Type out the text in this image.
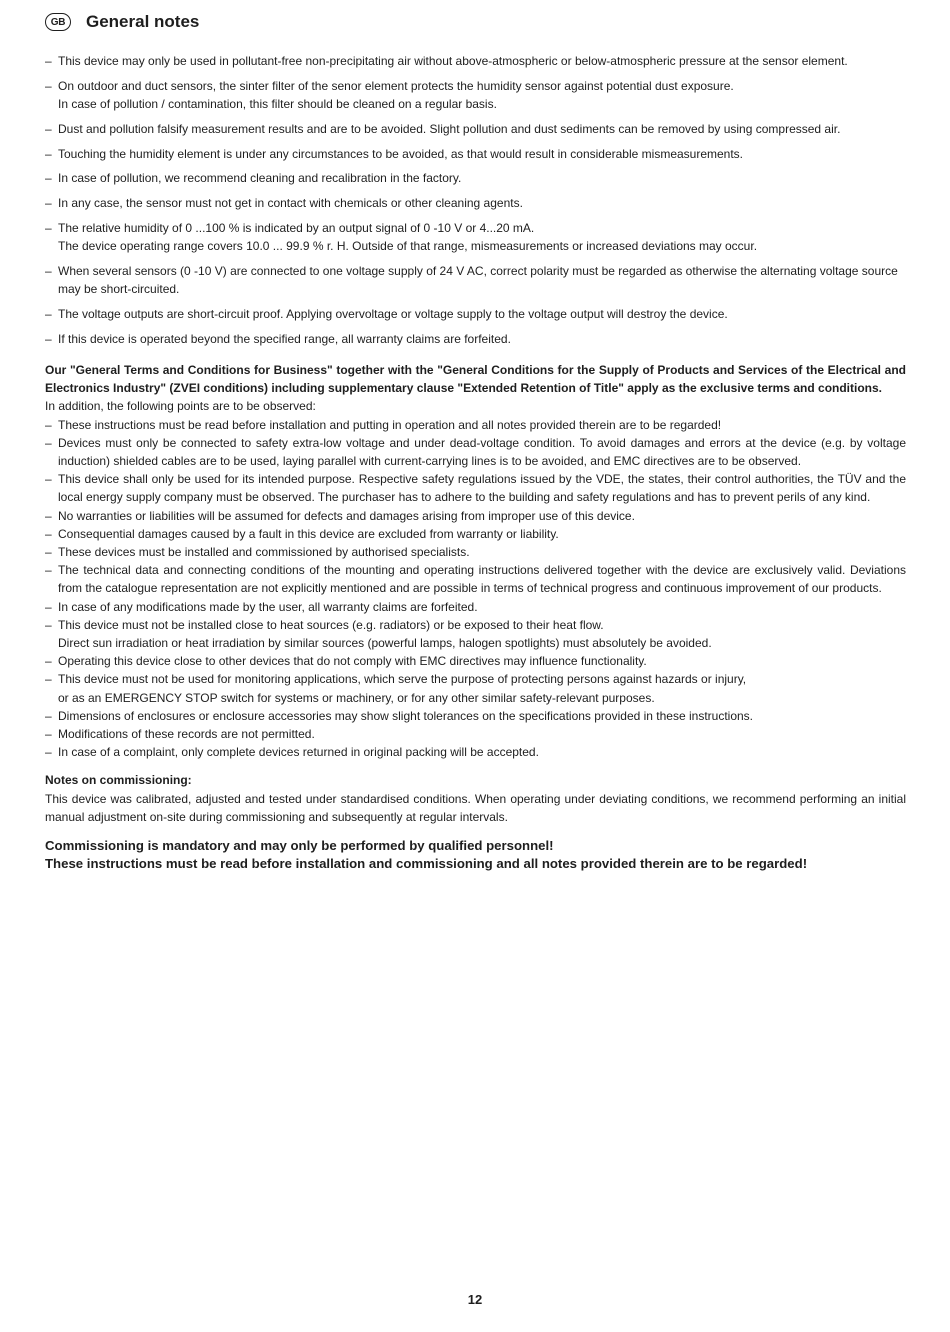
GB	General notes
– This device may only be used in pollutant-free non-precipitating air without above-atmospheric or below-atmospheric pressure at the sensor element.
– On outdoor and duct sensors, the sinter filter of the senor element protects the humidity sensor against potential dust exposure.
In case of pollution / contamination, this filter should be cleaned on a regular basis.
– Dust and pollution falsify measurement results and are to be avoided. Slight pollution and dust sediments can be removed by using compressed air.
– Touching the humidity element is under any circumstances to be avoided, as that would result in considerable mismeasurements.
– In case of pollution, we recommend cleaning and recalibration in the factory.
– In any case, the sensor must not get in contact with chemicals or other cleaning agents.
– The relative humidity of 0 ...100 % is indicated by an output signal of 0 -10 V or 4...20 mA.
The device operating range covers 10.0 ... 99.9 % r. H. Outside of that range, mismeasurements or increased deviations may occur.
– When several sensors (0 -10 V) are connected to one voltage supply of 24 V AC, correct polarity must be regarded as otherwise the alternating voltage source may be short-circuited.
– The voltage outputs are short-circuit proof. Applying overvoltage or voltage supply to the voltage output will destroy the device.
– If this device is operated beyond the specified range, all warranty claims are forfeited.
Our "General Terms and Conditions for Business" together with the "General Conditions for the Supply of Products and Services of the Electrical and Electronics Industry" (ZVEI conditions) including supplementary clause "Extended Retention of Title" apply as the exclusive terms and conditions.
In addition, the following points are to be observed:
– These instructions must be read before installation and putting in operation and all notes provided therein are to be regarded!
– Devices must only be connected to safety extra-low voltage and under dead-voltage condition. To avoid damages and errors at the device (e.g. by voltage induction) shielded cables are to be used, laying parallel with current-carrying lines is to be avoided, and EMC directives are to be observed.
– This device shall only be used for its intended purpose. Respective safety regulations issued by the VDE, the states, their control authorities, the TÜV and the local energy supply company must be observed. The purchaser has to adhere to the building and safety regulations and has to prevent perils of any kind.
– No warranties or liabilities will be assumed for defects and damages arising from improper use of this device.
– Consequential damages caused by a fault in this device are excluded from warranty or liability.
– These devices must be installed and commissioned by authorised specialists.
– The technical data and connecting conditions of the mounting and operating instructions delivered together with the device are exclusively valid. Deviations from the catalogue representation are not explicitly mentioned and are possible in terms of technical progress and continuous improvement of our products.
– In case of any modifications made by the user, all warranty claims are forfeited.
– This device must not be installed close to heat sources (e.g. radiators) or be exposed to their heat flow.
Direct sun irradiation or heat irradiation by similar sources (powerful lamps, halogen spotlights) must absolutely be avoided.
– Operating this device close to other devices that do not comply with EMC directives may influence functionality.
– This device must not be used for monitoring applications, which serve the purpose of protecting persons against hazards or injury,
or as an EMERGENCY STOP switch for systems or machinery, or for any other similar safety-relevant purposes.
– Dimensions of enclosures or enclosure accessories may show slight tolerances on the specifications provided in these instructions.
– Modifications of these records are not permitted.
– In case of a complaint, only complete devices returned in original packing will be accepted.
Notes on commissioning:
This device was calibrated, adjusted and tested under standardised conditions. When operating under deviating conditions, we recommend performing an initial manual adjustment on-site during commissioning and subsequently at regular intervals.
Commissioning is mandatory and may only be performed by qualified personnel!
These instructions must be read before installation and commissioning and all notes provided therein are to be regarded!
12
